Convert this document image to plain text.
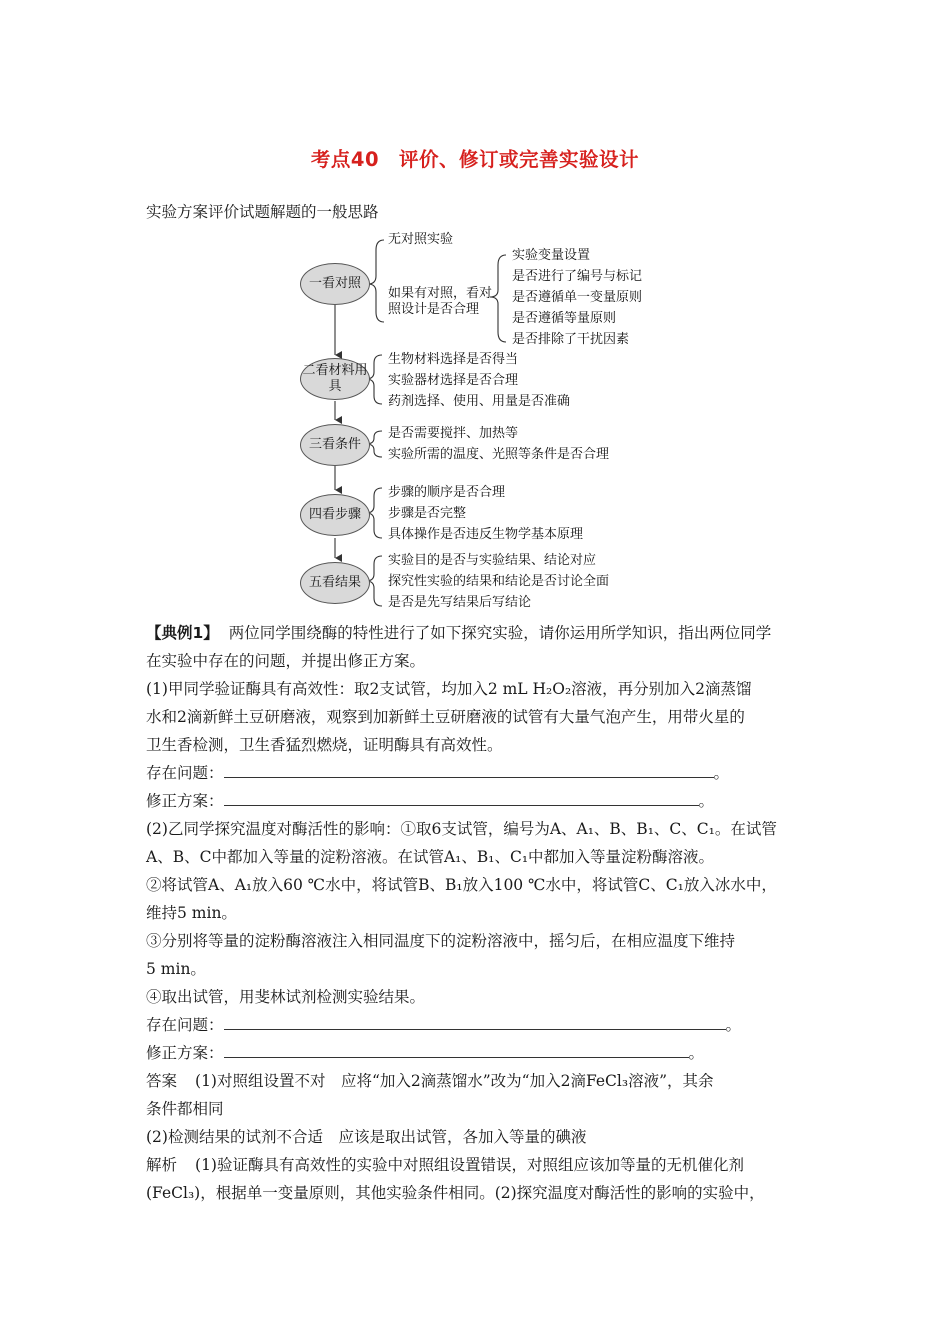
考点40　评价、修订或完善实验设计
实验方案评价试题解题的一般思路
一看对照
二看材料用具
三看条件
四看步骤
五看结果
无对照实验
如果有对照，看对
照设计是否合理
实验变量设置
是否进行了编号与标记
是否遵循单一变量原则
是否遵循等量原则
是否排除了干扰因素
生物材料选择是否得当
实验器材选择是否合理
药剂选择、使用、用量是否准确
是否需要搅拌、加热等
实验所需的温度、光照等条件是否合理
步骤的顺序是否合理
步骤是否完整
具体操作是否违反生物学基本原理
实验目的是否与实验结果、结论对应
探究性实验的结果和结论是否讨论全面
是否是先写结果后写结论
【典例1】 两位同学围绕酶的特性进行了如下探究实验，请你运用所学知识，指出两位同学
在实验中存在的问题，并提出修正方案。
(1)甲同学验证酶具有高效性：取2支试管，均加入2 mL H₂O₂溶液，再分别加入2滴蒸馏
水和2滴新鲜土豆研磨液，观察到加新鲜土豆研磨液的试管有大量气泡产生，用带火星的
卫生香检测，卫生香猛烈燃烧，证明酶具有高效性。
存在问题：	。
修正方案：	。
(2)乙同学探究温度对酶活性的影响：①取6支试管，编号为A、A₁、B、B₁、C、C₁。在试管
A、B、C中都加入等量的淀粉溶液。在试管A₁、B₁、C₁中都加入等量淀粉酶溶液。
②将试管A、A₁放入60 ℃水中，将试管B、B₁放入100 ℃水中，将试管C、C₁放入冰水中，
维持5 min。
③分别将等量的淀粉酶溶液注入相同温度下的淀粉溶液中，摇匀后，在相应温度下维持
5 min。
④取出试管，用斐林试剂检测实验结果。
存在问题：	。
修正方案：	。
答案 (1)对照组设置不对　应将“加入2滴蒸馏水”改为“加入2滴FeCl₃溶液”，其余
条件都相同
(2)检测结果的试剂不合适　应该是取出试管，各加入等量的碘液
解析 (1)验证酶具有高效性的实验中对照组设置错误，对照组应该加等量的无机催化剂
(FeCl₃)，根据单一变量原则，其他实验条件相同。(2)探究温度对酶活性的影响的实验中，
